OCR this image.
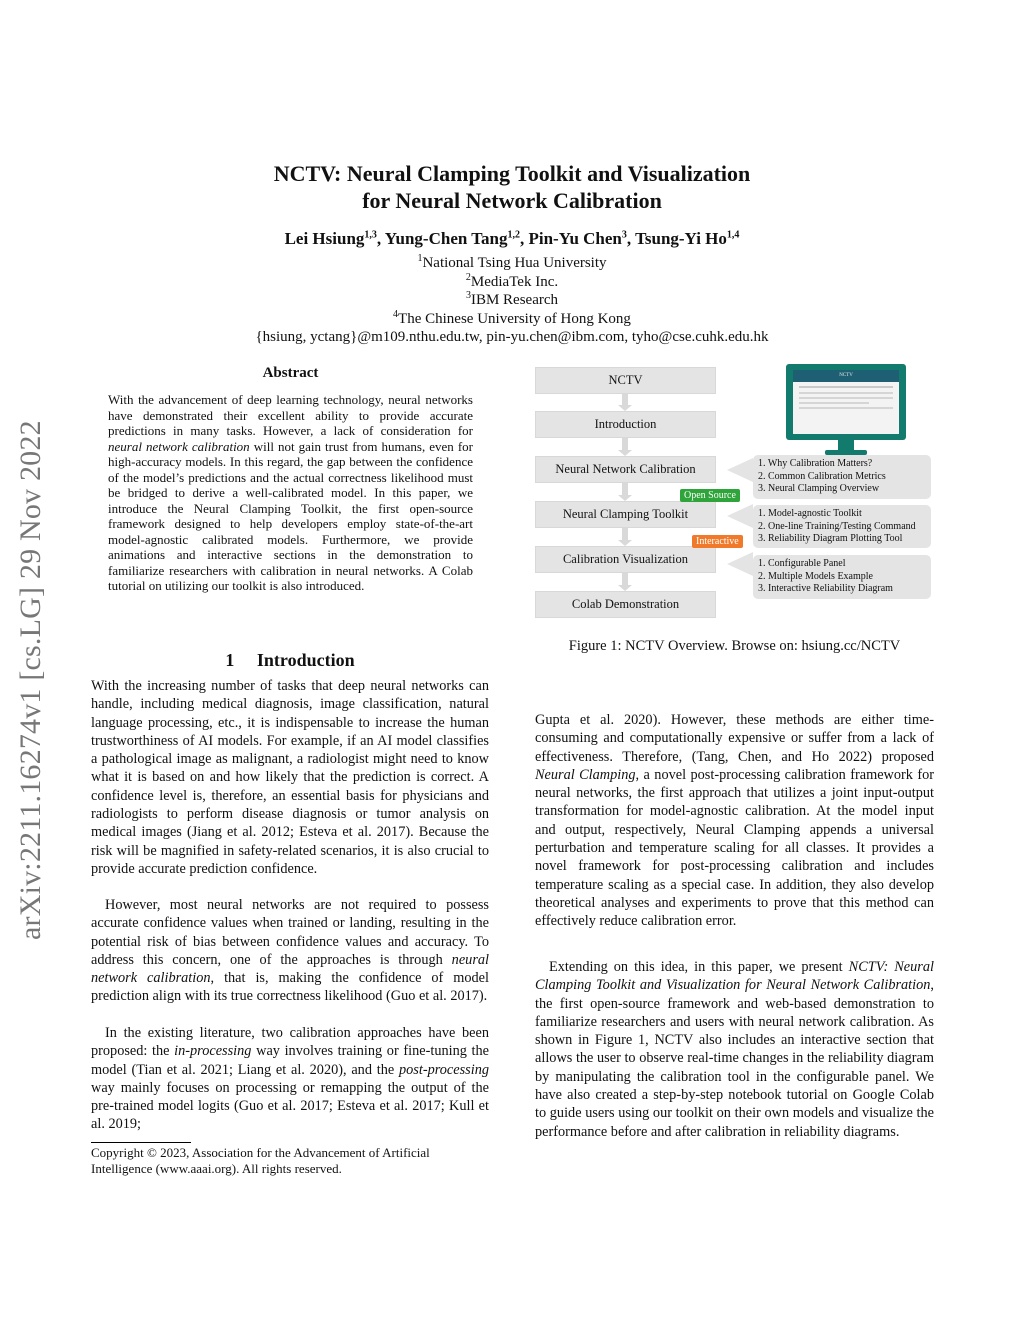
NCTV: Neural Clamping Toolkit and Visualization
for Neural Network Calibration
Lei Hsiung$^{1,3}$, Yung-Chen Tang$^{1,2}$, Pin-Yu Chen$^3$, Tsung-Yi Ho$^{1,4}$
$^1$National Tsing Hua University
$^2$MediaTek Inc.
$^3$IBM Research
$^4$The Chinese University of Hong Kong
{hsiung, yctang}@m109.nthu.edu.tw, pin-yu.chen@ibm.com, tyho@cse.cuhk.edu.hk
arXiv:2211.16274v1 [cs.LG] 29 Nov 2022
Abstract
With the advancement of deep learning technology, neural networks have demonstrated their excellent ability to provide accurate predictions in many tasks. However, a lack of consideration for neural network calibration will not gain trust from humans, even for high-accuracy models. In this regard, the gap between the confidence of the model’s predictions and the actual correctness likelihood must be bridged to derive a well-calibrated model. In this paper, we introduce the Neural Clamping Toolkit, the first open-source framework designed to help developers employ state-of-the-art model-agnostic calibrated models. Furthermore, we provide animations and interactive sections in the demonstration to familiarize researchers with calibration in neural networks. A Colab tutorial on utilizing our toolkit is also introduced.
1     Introduction
With the increasing number of tasks that deep neural networks can handle, including medical diagnosis, image classification, natural language processing, etc., it is indispensable to increase the human trustworthiness of AI models. For example, if an AI model classifies a pathological image as malignant, a radiologist might need to know what it is based on and how likely that the prediction is correct. A confidence level is, therefore, an essential basis for physicians and radiologists to perform disease diagnosis or tumor analysis on medical images (Jiang et al. 2012; Esteva et al. 2017). Because the risk will be magnified in safety-related scenarios, it is also crucial to provide accurate prediction confidence.
However, most neural networks are not required to possess accurate confidence values when trained or landing, resulting in the potential risk of bias between confidence values and accuracy. To address this concern, one of the approaches is through neural network calibration, that is, making the confidence of model prediction align with its true correctness likelihood (Guo et al. 2017).
In the existing literature, two calibration approaches have been proposed: the in-processing way involves training or fine-tuning the model (Tian et al. 2021; Liang et al. 2020), and the post-processing way mainly focuses on processing or remapping the output of the pre-trained model logits (Guo et al. 2017; Esteva et al. 2017; Kull et al. 2019;
Copyright © 2023, Association for the Advancement of Artificial Intelligence (www.aaai.org). All rights reserved.
Gupta et al. 2020). However, these methods are either time-consuming and computationally expensive or suffer from a lack of effectiveness. Therefore, (Tang, Chen, and Ho 2022) proposed Neural Clamping, a novel post-processing calibration framework for neural networks, the first approach that utilizes a joint input-output transformation for model-agnostic calibration. At the model input and output, respectively, Neural Clamping appends a universal perturbation and temperature scaling for all classes. It provides a novel framework for post-processing calibration and includes temperature scaling as a special case. In addition, they also develop theoretical analyses and experiments to prove that this method can effectively reduce calibration error.
Extending on this idea, in this paper, we present NCTV: Neural Clamping Toolkit and Visualization for Neural Network Calibration, the first open-source framework and web-based demonstration to familiarize researchers and users with neural network calibration. As shown in Figure 1, NCTV also includes an interactive section that allows the user to observe real-time changes in the reliability diagram by manipulating the calibration tool in the configurable panel. We have also created a step-by-step notebook tutorial on Google Colab to guide users using our toolkit on their own models and visualize the performance before and after calibration in reliability diagrams.
NCTV
Introduction
Neural Network Calibration
Neural Clamping Toolkit
Calibration Visualization
Colab Demonstration
NCTV
1. Why Calibration Matters?
2. Common Calibration Metrics
3. Neural Clamping Overview
1. Model-agnostic Toolkit
2. One-line Training/Testing Command
3. Reliability Diagram Plotting Tool
1. Configurable Panel
2. Multiple Models Example
3. Interactive Reliability Diagram
Open Source
Interactive
Figure 1: NCTV Overview. Browse on: hsiung.cc/NCTV
